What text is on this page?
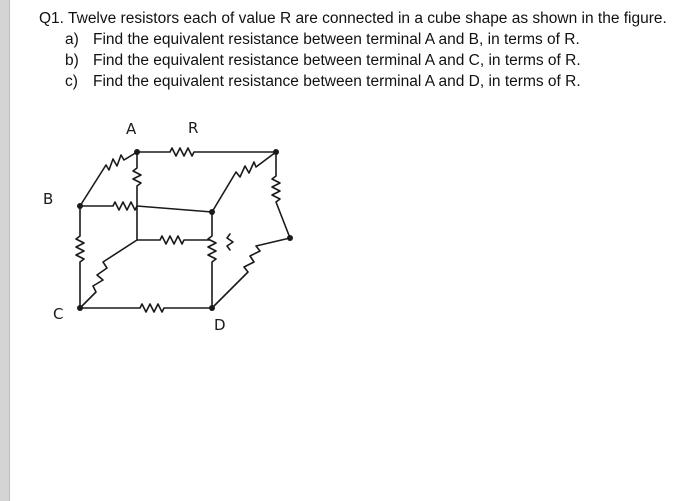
Q1. Twelve resistors each of value R are connected in a cube shape as shown in the figure.
a) Find the equivalent resistance between terminal A and B, in terms of R.
b) Find the equivalent resistance between terminal A and C, in terms of R.
c) Find the equivalent resistance between terminal A and D, in terms of R.
A	R
B
C
D
